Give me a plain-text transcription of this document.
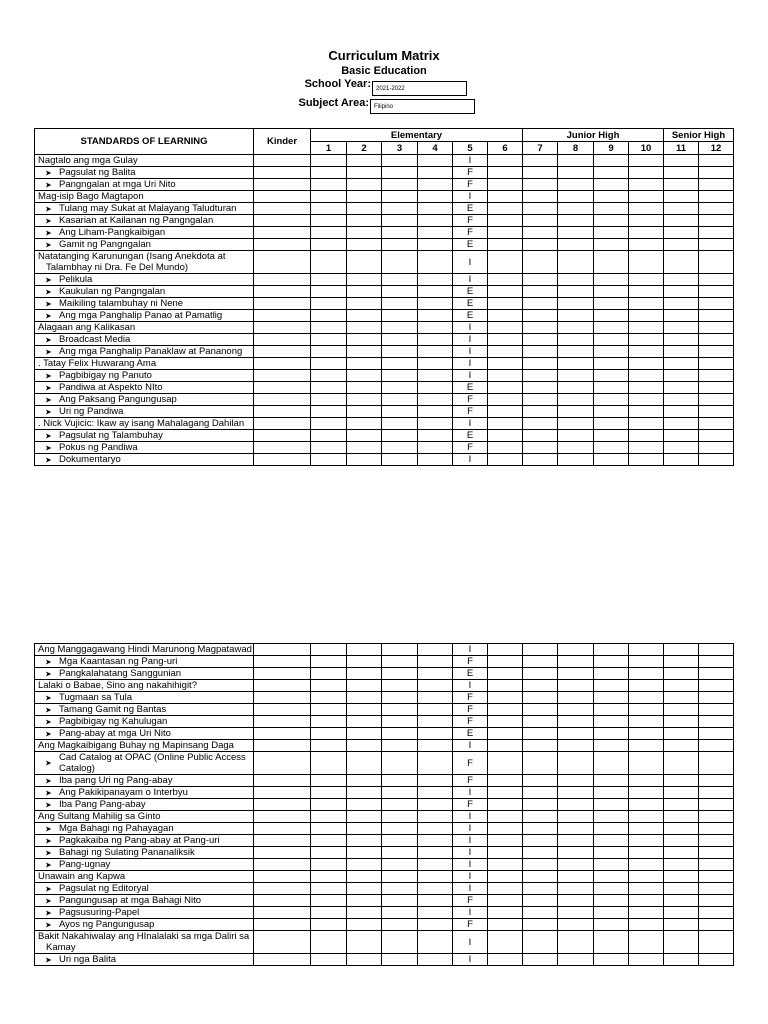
Curriculum Matrix
Basic Education
School Year: 2021-2022
Subject Area: Filipino
STANDARDS OF LEARNING	Kinder	Elementary						Junior High				Senior High	
		1	2	3	4	5	6	7	8	9	10	11	12

Nagtalo ang mga Gulay						I							

➤ Pagsulat ng Balita						F							

➤ Pangngalan at mga Uri Nito						F							

Mag-isip Bago Magtapon						I							

➤ Tulang may Sukat at Malayang Taludturan						E							

➤ Kasarian at Kailanan ng Pangngalan						F							

➤ Ang Liham-Pangkaibigan						F							

➤ Gamit ng Pangngalan						E							

Natatanging Karunungan (Isang Anekdota at Talambhay ni Dra. Fe Del Mundo)						I							

➤ Pelikula						I							

➤ Kaukulan ng Pangngalan						E							

➤ Maikiling talambuhay ni Nene						E							

➤ Ang mga Panghalip Panao at Pamatlig						E							

Alagaan ang Kalikasan						I							

➤ Broadcast Media						I							

➤ Ang mga Panghalip Panaklaw at Pananong						I							

. Tatay Felix Huwarang Ama						I							

➤ Pagbibigay ng Panuto						I							

➤ Pandiwa at Aspekto NIto						E							

➤ Ang Paksang Pangungusap						F							

➤ Uri ng Pandiwa						F							

. Nick Vujicic: Ikaw ay isang Mahalagang Dahilan						I							

➤ Pagsulat ng Talambuhay						E							

➤ Pokus ng Pandiwa						F							

➤ Dokumentaryo						I							
Ang Manggagawang Hindi Marunong Magpatawad						I							

➤ Mga Kaantasan ng Pang-uri						F							

➤ Pangkalahatang Sanggunian						E							

Lalaki o Babae, Sino ang nakahihigit?						I							

➤ Tugmaan sa Tula						F							

➤ Tamang Gamit ng Bantas						F							

➤ Pagbibigay ng Kahulugan						F							

➤ Pang-abay at mga Uri Nito						E							

Ang Magkaibigang Buhay ng Mapinsang Daga						I							

➤ Cad Catalog at OPAC (Online Public Access Catalog)						F							

➤ Iba pang Uri ng Pang-abay						F							

➤ Ang Pakikipanayam o Interbyu						I							

➤ Iba Pang Pang-abay						F							

Ang Sultang Mahilig sa Ginto						I							

➤ Mga Bahagi ng Pahayagan						I							

➤ Pagkakaiba ng Pang-abay at Pang-uri						I							

➤ Bahagi ng Sulating Pananaliksik						I							

➤ Pang-ugnay						I							

Unawain ang Kapwa						I							

➤ Pagsulat ng Editoryal						I							

➤ Pangungusap at mga Bahagi Nito						F							

➤ Pagsusuring-Papel						I							

➤ Ayos ng Pangungusap						F							

Bakit Nakahiwalay ang HInalalaki sa mga Daliri sa Kamay						I							

➤ Uri nga Balita						I							
